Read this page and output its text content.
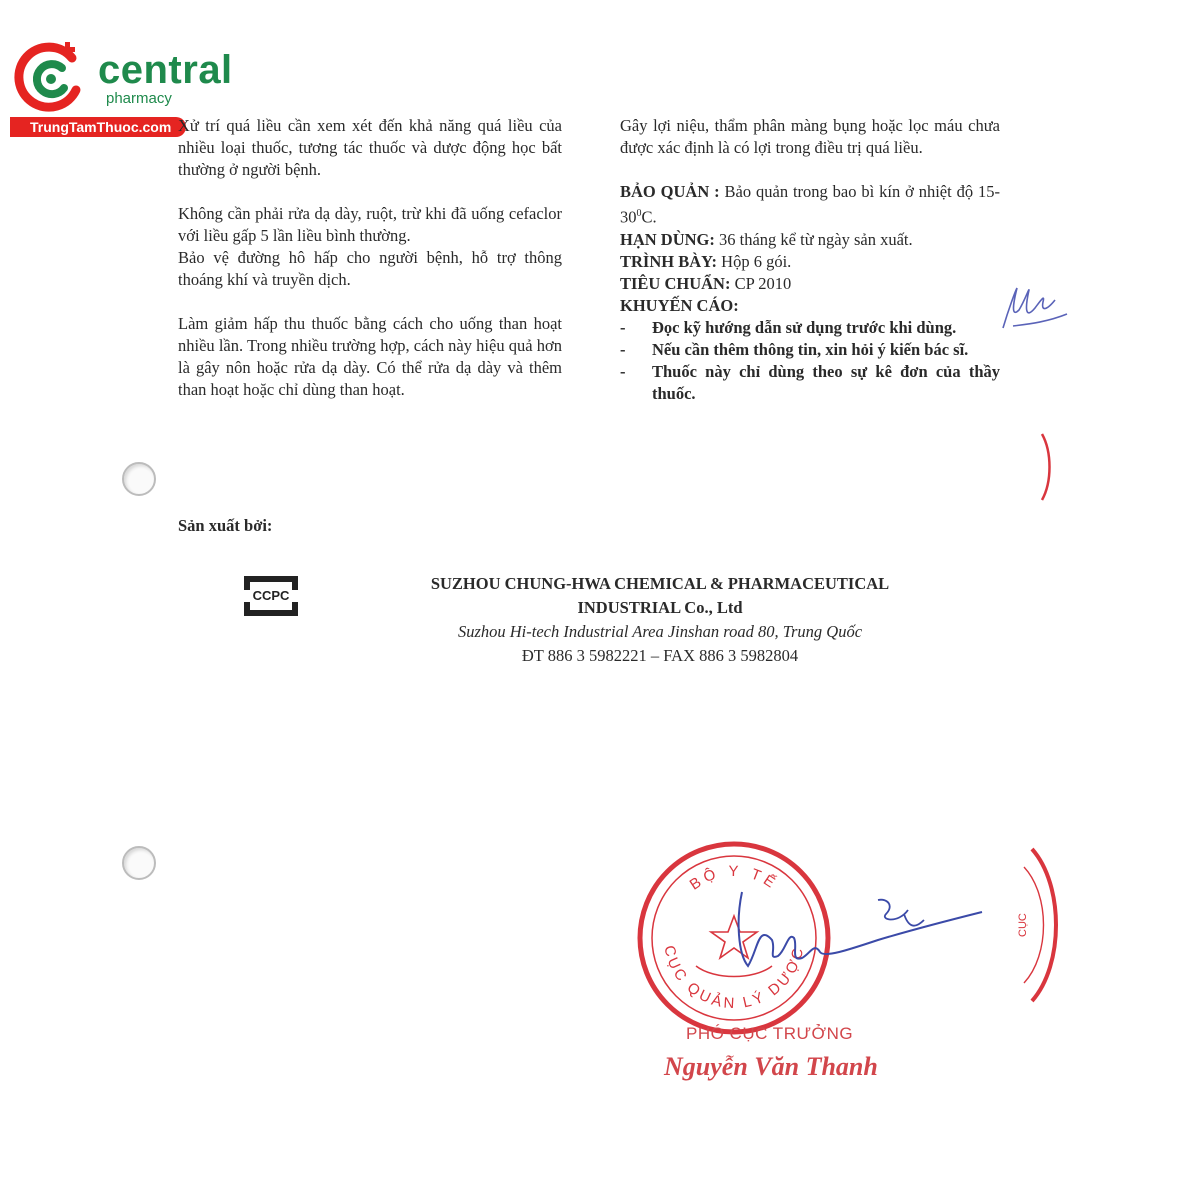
central
pharmacy
TrungTamThuoc.com Xử trí quá liều cần xem xét đến khả năng quá liều của nhiều loại thuốc, tương tác thuốc và dược động học bất thường ở người bệnh.

Không cần phải rửa dạ dày, ruột, trừ khi đã uống cefaclor với liều gấp 5 lần liều bình thường.

Bảo vệ đường hô hấp cho người bệnh, hỗ trợ thông thoáng khí và truyền dịch.

Làm giảm hấp thu thuốc bằng cách cho uống than hoạt nhiều lần. Trong nhiều trường hợp, cách này hiệu quả hơn là gây nôn hoặc rửa dạ dày. Có thể rửa dạ dày và thêm than hoạt hoặc chỉ dùng than hoạt.

Gây lợi niệu, thẩm phân màng bụng hoặc lọc máu chưa được xác định là có lợi trong điều trị quá liều.

BẢO QUẢN : Bảo quản trong bao bì kín ở nhiệt độ $15-30^0C$.

HẠN DÙNG: 36 tháng kể từ ngày sản xuất.

TRÌNH BÀY: Hộp 6 gói.

TIÊU CHUẨN: CP 2010

KHUYẾN CÁO:

-	Đọc kỹ hướng dẫn sử dụng trước khi dùng.
-	Nếu cần thêm thông tin, xin hỏi ý kiến bác sĩ.
-	Thuốc này chỉ dùng theo sự kê đơn của thầy thuốc.
Sản xuất bởi:
CCPC
SUZHOU CHUNG-HWA CHEMICAL & PHARMACEUTICAL
INDUSTRIAL Co., Ltd
Suzhou Hi-tech Industrial Area Jinshan road 80, Trung Quốc
ĐT 886 3 5982221 – FAX 886 3 5982804
BỘ Y TẾ
CỤC QUẢN LÝ DƯỢC
CỤC
PHÓ CỤC TRƯỞNG
Nguyễn Văn Thanh
